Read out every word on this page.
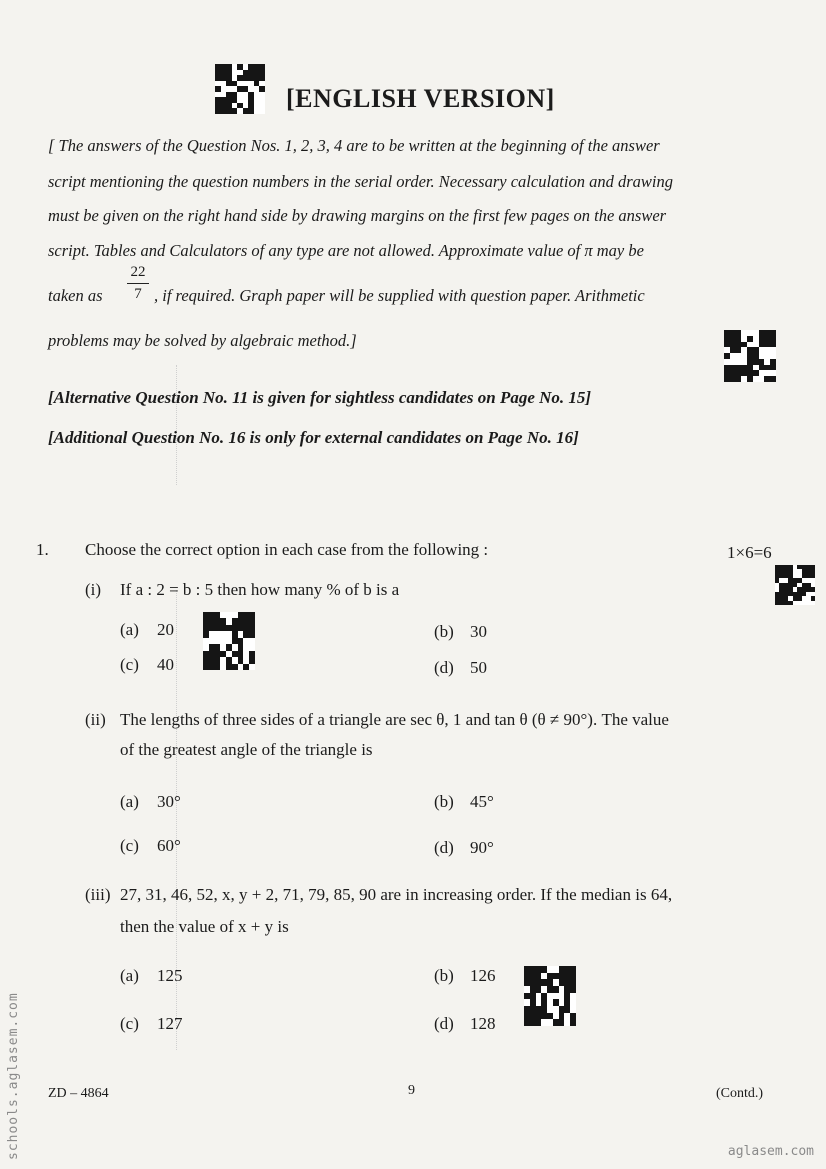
[ENGLISH VERSION]
[ The answers of the Question Nos. 1, 2, 3, 4 are to be written at the beginning of the answer
script mentioning the question numbers in the serial order. Necessary calculation and drawing
must be given on the right hand side by drawing margins on the first few pages on the answer
script. Tables and Calculators of any type are not allowed. Approximate value of π may be
taken as $\frac{22}{7}$ , if required. Graph paper will be supplied with question paper. Arithmetic
problems may be solved by algebraic method.]
[Alternative Question No. 11 is given for sightless candidates on Page No. 15]
[Additional Question No. 16 is only for external candidates on Page No. 16]
1. Choose the correct option in each case from the following :	1×6=6
(i) If a : 2 = b : 5 then how many % of b is a
(a) 20	(b) 30
(c) 40	(d) 50
(ii) The lengths of three sides of a triangle are sec θ, 1 and tan θ (θ ≠ 90°). The value
of the greatest angle of the triangle is
(a) 30°	(b) 45°
(c) 60°	(d) 90°
(iii) 27, 31, 46, 52, x, y + 2, 71, 79, 85, 90 are in increasing order. If the median is 64,
then the value of x + y is
(a) 125	(b) 126
(c) 127	(d) 128
ZD – 4864	9	(Contd.)
schools.aglasem.com	aglasem.com
